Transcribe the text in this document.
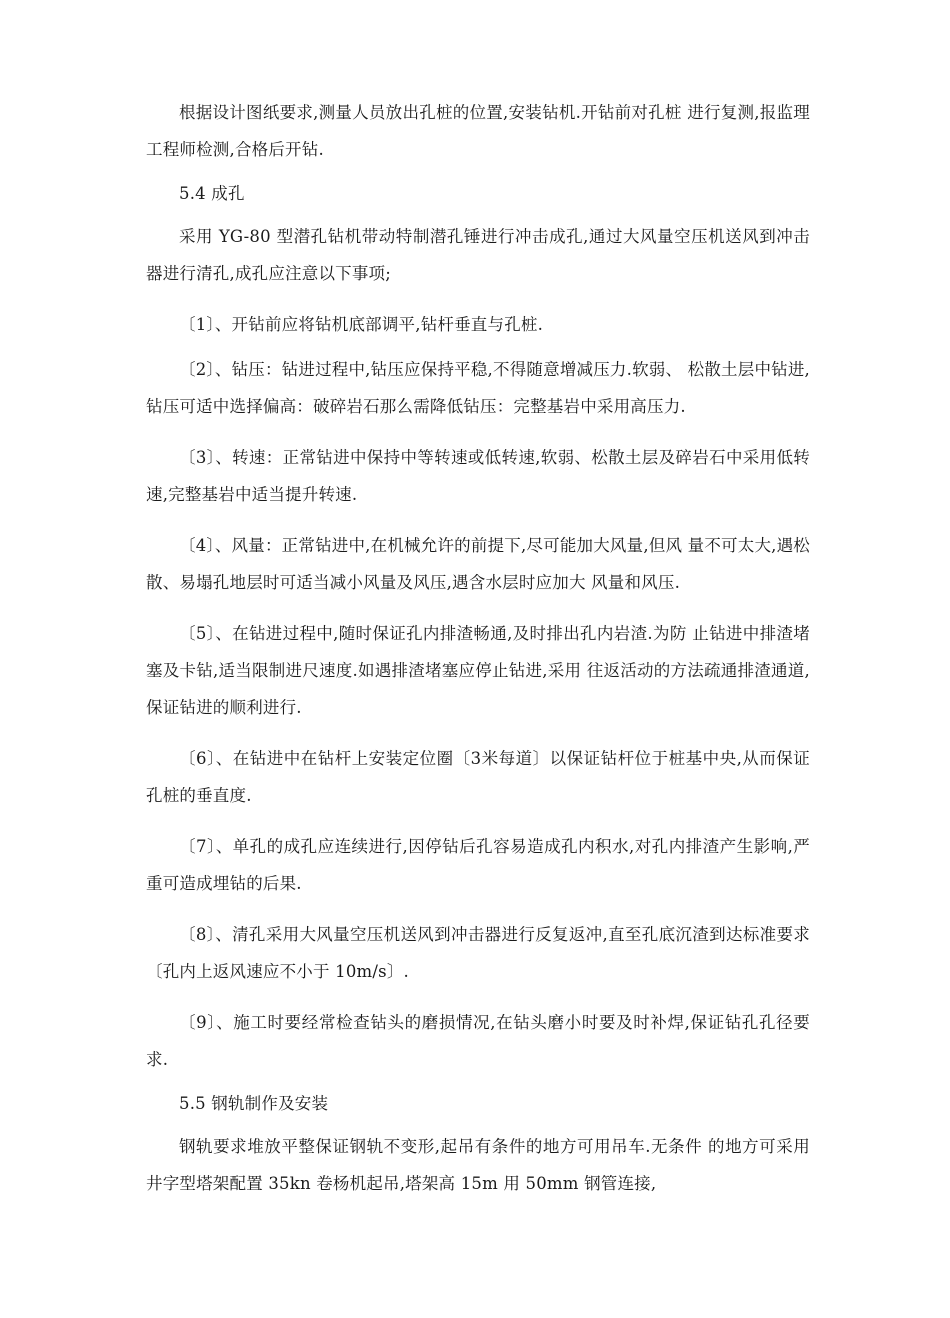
根据设计图纸要求,测量人员放出孔桩的位置,安装钻机.开钻前对孔桩 进行复测,报监理工程师检测,合格后开钻.

5.4 成孔

采用 YG-80 型潜孔钻机带动特制潜孔锤进行冲击成孔,通过大风量空压机送风到冲击器进行清孔,成孔应注意以下事项;

〔1〕、开钻前应将钻机底部调平,钻杆垂直与孔桩.

〔2〕、钻压：钻进过程中,钻压应保持平稳,不得随意增减压力.软弱、 松散土层中钻进,钻压可适中选择偏高：破碎岩石那么需降低钻压：完整基岩中采用高压力.

〔3〕、转速：正常钻进中保持中等转速或低转速,软弱、松散土层及碎岩石中采用低转速,完整基岩中适当提升转速.

〔4〕、风量：正常钻进中,在机械允许的前提下,尽可能加大风量,但风 量不可太大,遇松散、易塌孔地层时可适当减小风量及风压,遇含水层时应加大 风量和风压.

〔5〕、在钻进过程中,随时保证孔内排渣畅通,及时排出孔内岩渣.为防 止钻进中排渣堵塞及卡钻,适当限制进尺速度.如遇排渣堵塞应停止钻进,采用 往返活动的方法疏通排渣通道,保证钻进的顺利进行.

〔6〕、在钻进中在钻杆上安装定位圈〔3米每道〕以保证钻杆位于桩基中央,从而保证孔桩的垂直度.

〔7〕、单孔的成孔应连续进行,因停钻后孔容易造成孔内积水,对孔内排渣产生影响,严重可造成埋钻的后果.

〔8〕、清孔采用大风量空压机送风到冲击器进行反复返冲,直至孔底沉渣到达标准要求〔孔内上返风速应不小于 10m/s〕.

〔9〕、施工时要经常检查钻头的磨损情况,在钻头磨小时要及时补焊,保证钻孔孔径要求.

5.5 钢轨制作及安装

钢轨要求堆放平整保证钢轨不变形,起吊有条件的地方可用吊车.无条件 的地方可采用井字型塔架配置 35kn 卷杨机起吊,塔架高 15m 用 50mm 钢管连接,
